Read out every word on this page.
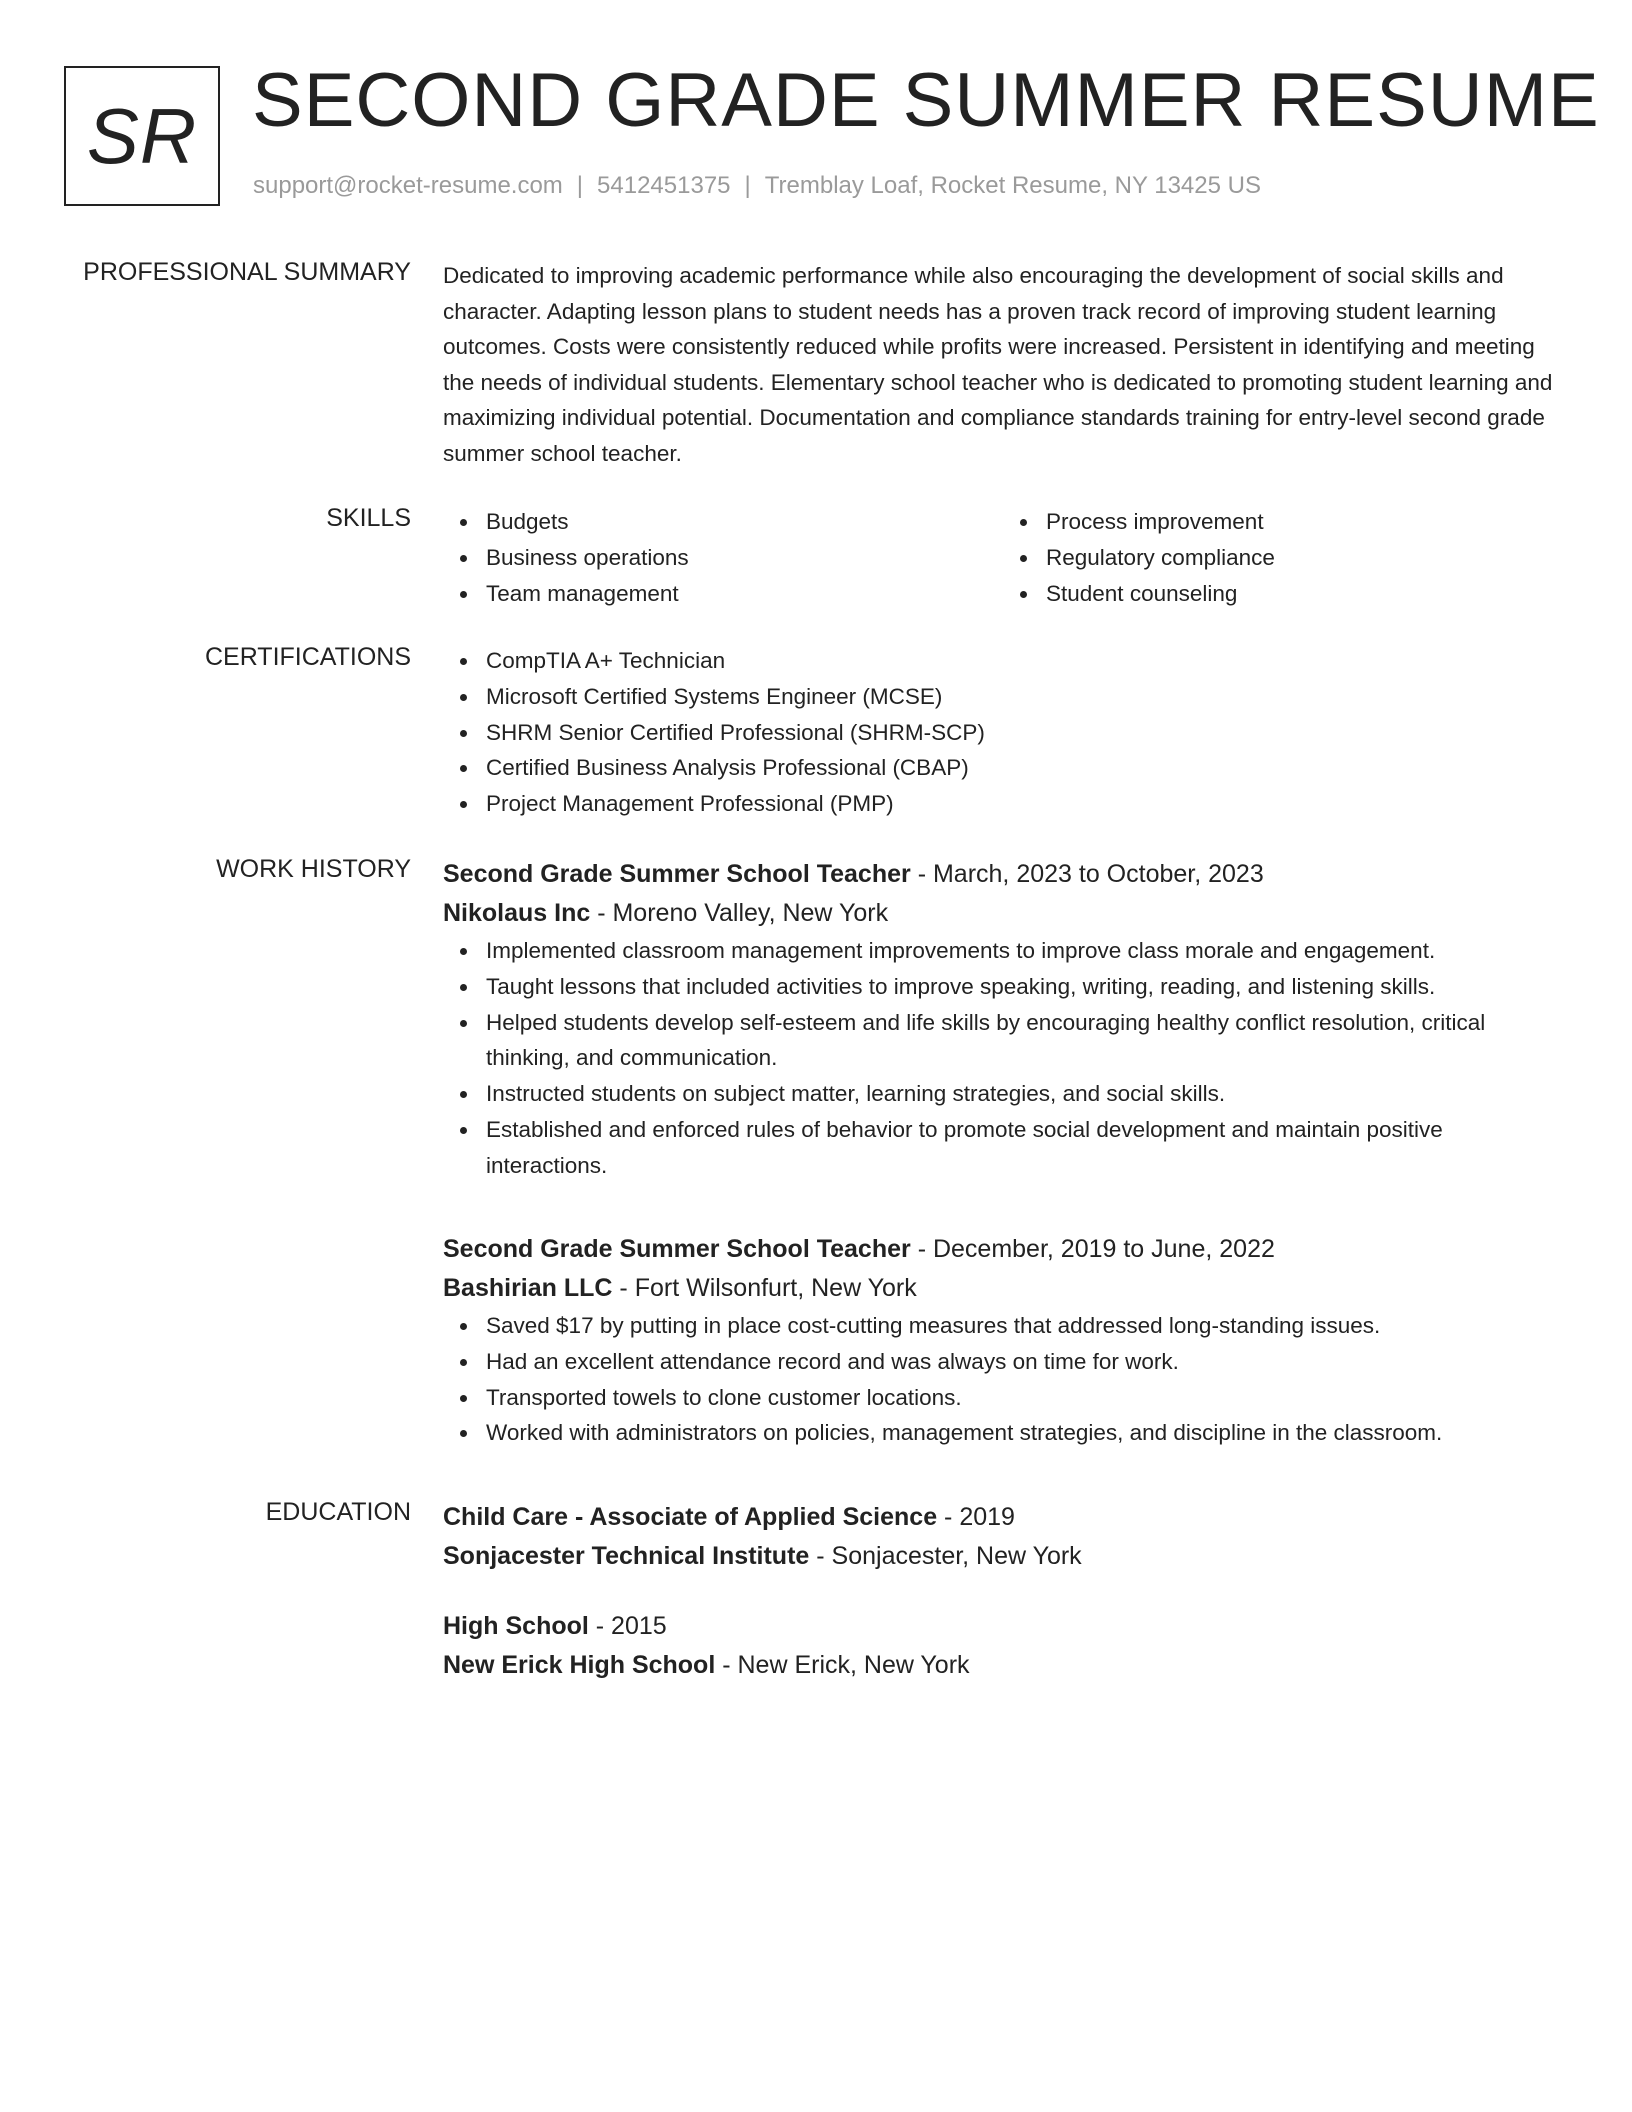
SR SECOND GRADE SUMMER RESUME
support@rocket-resume.com | 5412451375 | Tremblay Loaf, Rocket Resume, NY 13425 US
PROFESSIONAL SUMMARY Dedicated to improving academic performance while also encouraging the development of social skills and character. Adapting lesson plans to student needs has a proven track record of improving student learning outcomes. Costs were consistently reduced while profits were increased. Persistent in identifying and meeting the needs of individual students. Elementary school teacher who is dedicated to promoting student learning and maximizing individual potential. Documentation and compliance standards training for entry-level second grade summer school teacher.

SKILLS	Budgets
Business operations
Team management
Process improvement
Regulatory compliance
Student counseling
CERTIFICATIONS	CompTIA A+ Technician
Microsoft Certified Systems Engineer (MCSE)
SHRM Senior Certified Professional (SHRM-SCP)
Certified Business Analysis Professional (CBAP)
Project Management Professional (PMP)
WORK HISTORY Second Grade Summer School Teacher - March, 2023 to October, 2023
Nikolaus Inc - Moreno Valley, New York
Implemented classroom management improvements to improve class morale and engagement.
Taught lessons that included activities to improve speaking, writing, reading, and listening skills.
Helped students develop self-esteem and life skills by encouraging healthy conflict resolution, critical thinking, and communication.
Instructed students on subject matter, learning strategies, and social skills.
Established and enforced rules of behavior to promote social development and maintain positive interactions.
Second Grade Summer School Teacher - December, 2019 to June, 2022
Bashirian LLC - Fort Wilsonfurt, New York
Saved $17 by putting in place cost-cutting measures that addressed long-standing issues.
Had an excellent attendance record and was always on time for work.
Transported towels to clone customer locations.
Worked with administrators on policies, management strategies, and discipline in the classroom.
EDUCATION Child Care - Associate of Applied Science - 2019
Sonjacester Technical Institute - Sonjacester, New York
High School - 2015
New Erick High School - New Erick, New York
